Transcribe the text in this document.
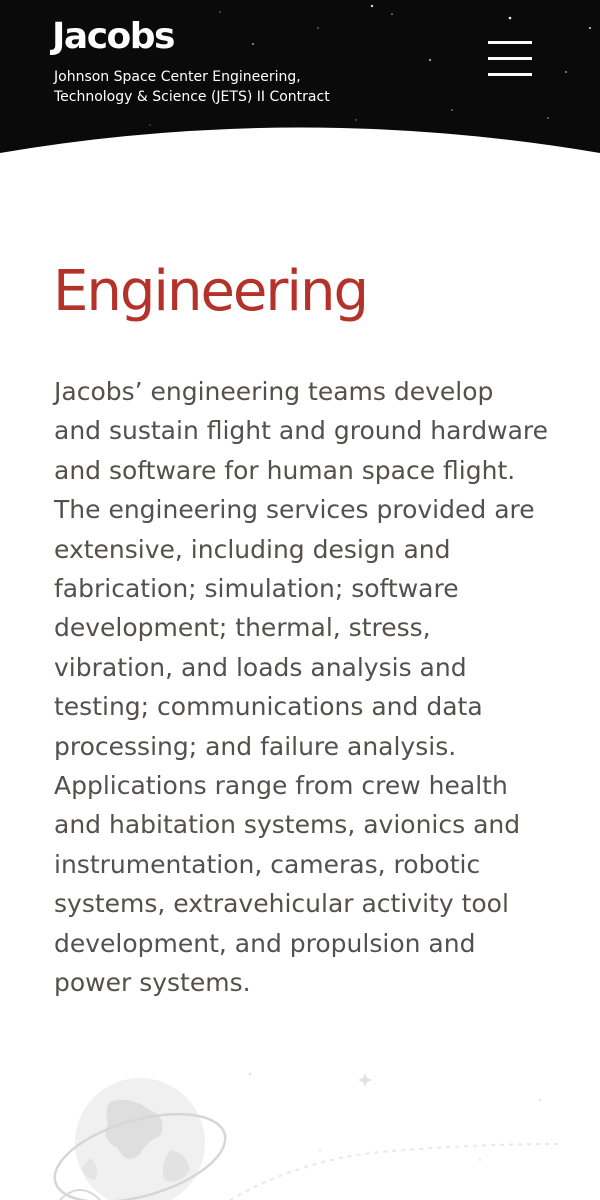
Jacobs
Johnson Space Center Engineering,
Technology & Science (JETS) II Contract
Engineering

Jacobs’ engineering teams develop
and sustain flight and ground hardware
and software for human space flight.
The engineering services provided are
extensive, including design and
fabrication; simulation; software
development; thermal, stress,
vibration, and loads analysis and
testing; communications and data
processing; and failure analysis.
Applications range from crew health
and habitation systems, avionics and
instrumentation, cameras, robotic
systems, extravehicular activity tool
development, and propulsion and
power systems.
